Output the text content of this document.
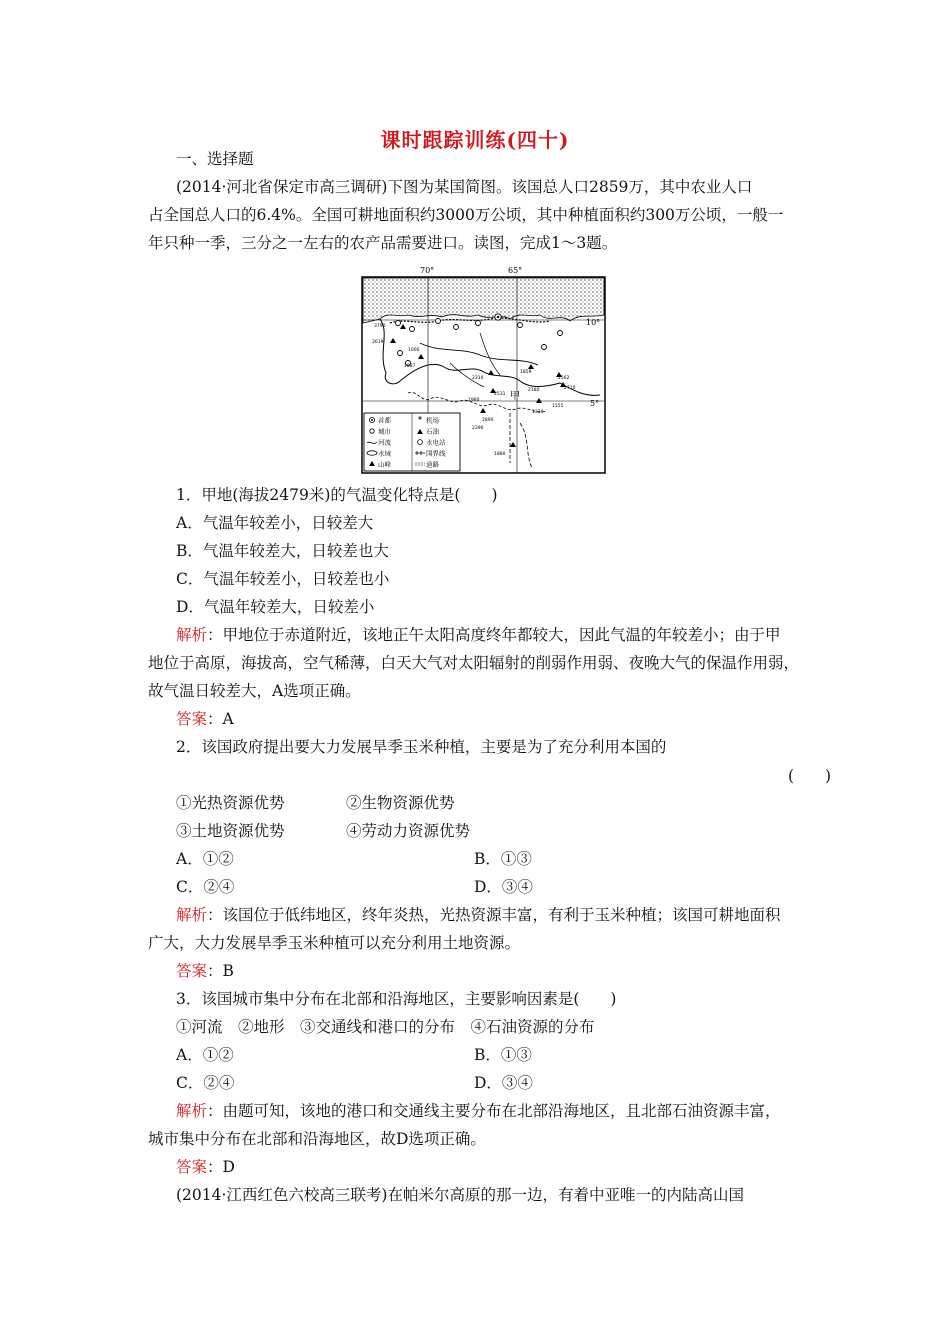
课时跟踪训练(四十)
一、选择题
(2014·河北省保定市高三调研)下图为某国简图。该国总人口2859万，其中农业人口
占全国总人口的6.4%。全国可耕地面积约3000万公顷，其中种植面积约300万公顷，一般一
年只种一季，三分之一左右的农产品需要进口。读图，完成1～3题。
70°	65°
10°
5°
3790
2619
1000
1087
2310
1859
2562
2710
2180
1980
2531
1555
1339
2890
2396
1880
甲
首都
城市
河流
水域
山峰
机场
石油
水电站
国界线
道路
1．甲地(海拔2479米)的气温变化特点是(　　)
A．气温年较差小，日较差大
B．气温年较差大，日较差也大
C．气温年较差小，日较差也小
D．气温年较差大，日较差小
解析：甲地位于赤道附近，该地正午太阳高度终年都较大，因此气温的年较差小；由于甲
地位于高原，海拔高，空气稀薄，白天大气对太阳辐射的削弱作用弱、夜晚大气的保温作用弱，
故气温日较差大，A选项正确。
答案：A
2．该国政府提出要大力发展旱季玉米种植，主要是为了充分利用本国的
(　　)
①光热资源优势	②生物资源优势
③土地资源优势	④劳动力资源优势
A．①②	B．①③
C．②④	D．③④
解析：该国位于低纬地区，终年炎热，光热资源丰富，有利于玉米种植；该国可耕地面积
广大，大力发展旱季玉米种植可以充分利用土地资源。
答案：B
3．该国城市集中分布在北部和沿海地区，主要影响因素是(　　)
①河流　②地形　③交通线和港口的分布　④石油资源的分布
A．①②	B．①③
C．②④	D．③④
解析：由题可知，该地的港口和交通线主要分布在北部沿海地区，且北部石油资源丰富，
城市集中分布在北部和沿海地区，故D选项正确。
答案：D
(2014·江西红色六校高三联考)在帕米尔高原的那一边，有着中亚唯一的内陆高山国
